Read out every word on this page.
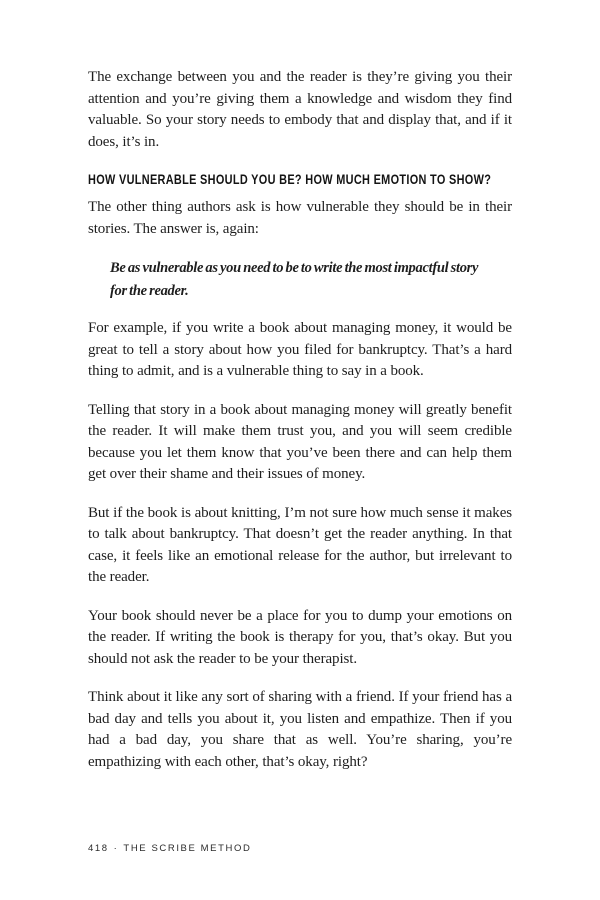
The exchange between you and the reader is they’re giving you their attention and you’re giving them a knowledge and wisdom they find valuable. So your story needs to embody that and display that, and if it does, it’s in.

HOW VULNERABLE SHOULD YOU BE? HOW MUCH EMOTION TO SHOW?

The other thing authors ask is how vulnerable they should be in their stories. The answer is, again:

Be as vulnerable as you need to be to write the most impactful story
for the reader.

For example, if you write a book about managing money, it would be great to tell a story about how you filed for bankruptcy. That’s a hard thing to admit, and is a vulnerable thing to say in a book.

Telling that story in a book about managing money will greatly benefit the reader. It will make them trust you, and you will seem credible because you let them know that you’ve been there and can help them get over their shame and their issues of money.

But if the book is about knitting, I’m not sure how much sense it makes to talk about bankruptcy. That doesn’t get the reader anything. In that case, it feels like an emotional release for the author, but irrelevant to the reader.

Your book should never be a place for you to dump your emotions on the reader. If writing the book is therapy for you, that’s okay. But you should not ask the reader to be your therapist.

Think about it like any sort of sharing with a friend. If your friend has a bad day and tells you about it, you listen and empathize. Then if you had a bad day, you share that as well. You’re sharing, you’re empathizing with each other, that’s okay, right?

418 · THE SCRIBE METHOD
